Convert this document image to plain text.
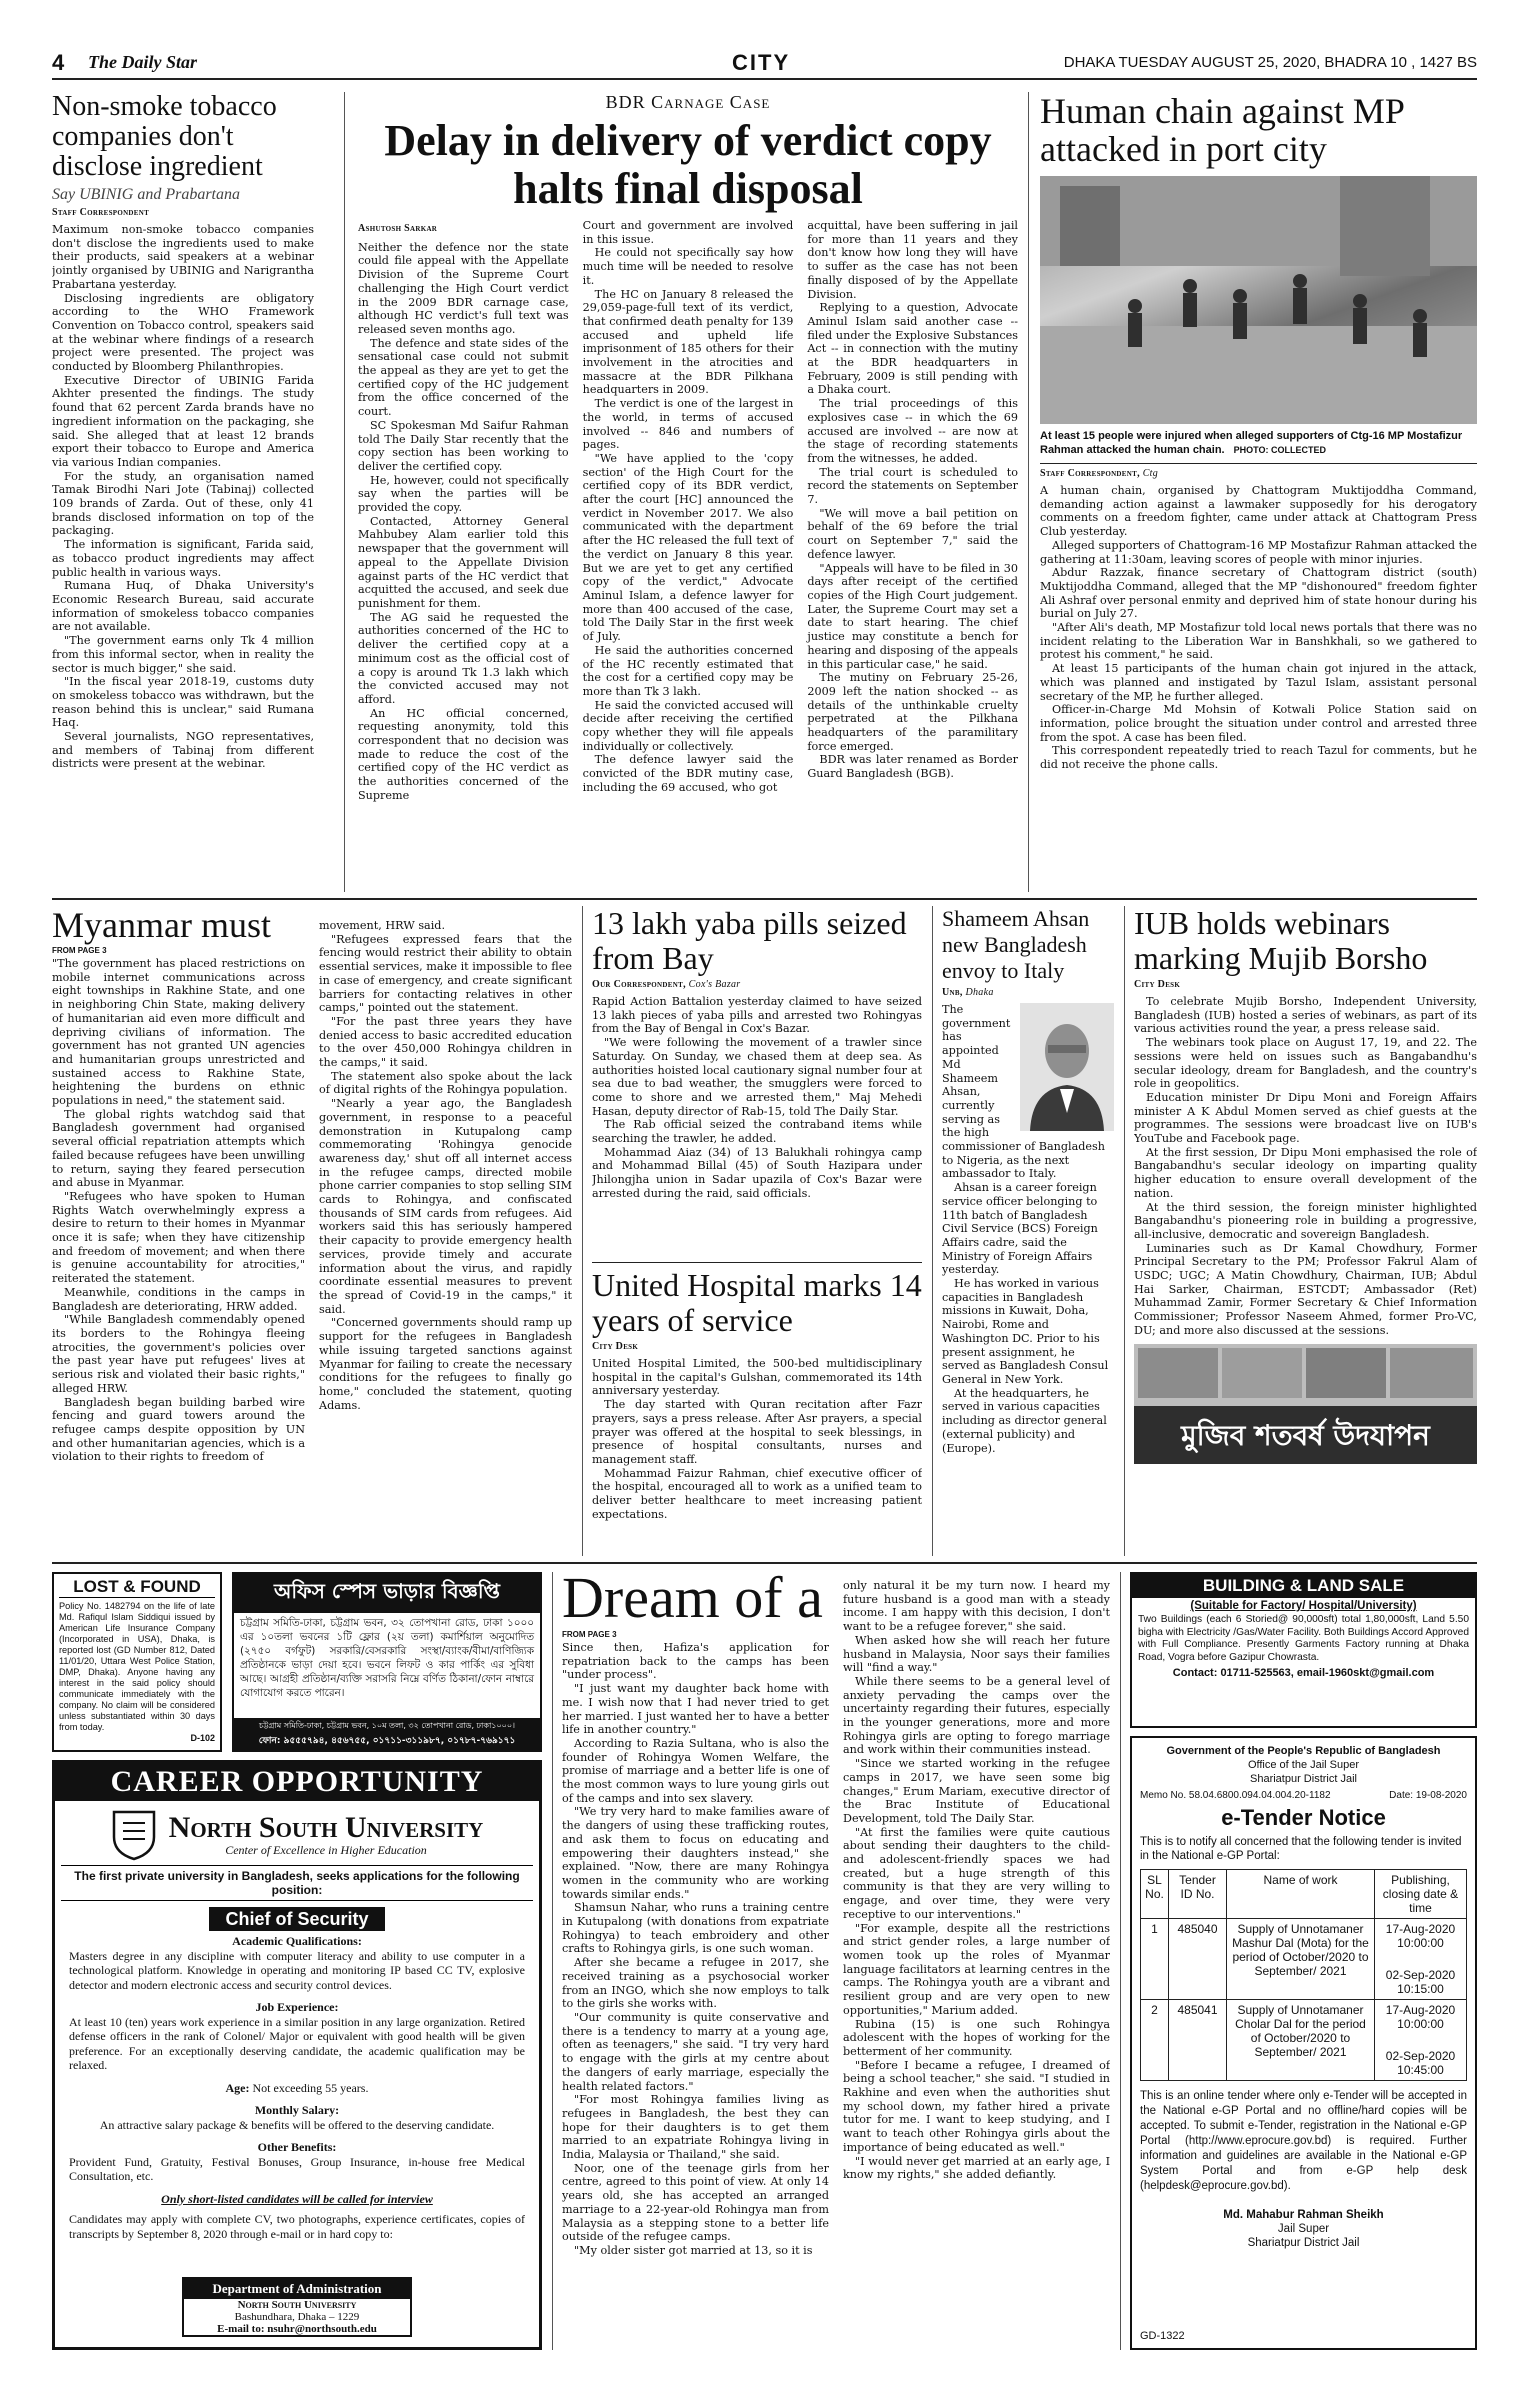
4 The Daily Star	CITY	DHAKA TUESDAY AUGUST 25, 2020, BHADRA 10 , 1427 BS
Non-smoke tobacco companies don't disclose ingredient
Say UBINIG and Prabartana
Staff Correspondent

Maximum non-smoke tobacco companies don't disclose the ingredients used to make their products, said speakers at a webinar jointly organised by UBINIG and Narigrantha Prabartana yesterday.

Disclosing ingredients are obligatory according to the WHO Framework Convention on Tobacco control, speakers said at the webinar where findings of a research project were presented. The project was conducted by Bloomberg Philanthropies.

Executive Director of UBINIG Farida Akhter presented the findings. The study found that 62 percent Zarda brands have no ingredient information on the packaging, she said. She alleged that at least 12 brands export their tobacco to Europe and America via various Indian companies.

For the study, an organisation named Tamak Birodhi Nari Jote (Tabinaj) collected 109 brands of Zarda. Out of these, only 41 brands disclosed information on top of the packaging.

The information is significant, Farida said, as tobacco product ingredients may affect public health in various ways.

Rumana Huq, of Dhaka University's Economic Research Bureau, said accurate information of smokeless tobacco companies are not available.

"The government earns only Tk 4 million from this informal sector, when in reality the sector is much bigger," she said.

"In the fiscal year 2018-19, customs duty on smokeless tobacco was withdrawn, but the reason behind this is unclear," said Rumana Haq.

Several journalists, NGO representatives, and members of Tabinaj from different districts were present at the webinar.

BDR Carnage Case
Delay in delivery of verdict copy halts final disposal
Ashutosh Sarkar

Neither the defence nor the state could file appeal with the Appellate Division of the Supreme Court challenging the High Court verdict in the 2009 BDR carnage case, although HC verdict's full text was released seven months ago.

The defence and state sides of the sensational case could not submit the appeal as they are yet to get the certified copy of the HC judgement from the office concerned of the court.

SC Spokesman Md Saifur Rahman told The Daily Star recently that the copy section has been working to deliver the certified copy.

He, however, could not specifically say when the parties will be provided the copy.

Contacted, Attorney General Mahbubey Alam earlier told this newspaper that the government will appeal to the Appellate Division against parts of the HC verdict that acquitted the accused, and seek due punishment for them.

The AG said he requested the authorities concerned of the HC to deliver the certified copy at a minimum cost as the official cost of a copy is around Tk 1.3 lakh which the convicted accused may not afford.

An HC official concerned, requesting anonymity, told this correspondent that no decision was made to reduce the cost of the certified copy of the HC verdict as the authorities concerned of the Supreme

Court and government are involved in this issue.

He could not specifically say how much time will be needed to resolve it.

The HC on January 8 released the 29,059-page-full text of its verdict, that confirmed death penalty for 139 accused and upheld life imprisonment of 185 others for their involvement in the atrocities and massacre at the BDR Pilkhana headquarters in 2009.

The verdict is one of the largest in the world, in terms of accused involved -- 846 and numbers of pages.

"We have applied to the 'copy section' of the High Court for the certified copy of its BDR verdict, after the court [HC] announced the verdict in November 2017. We also communicated with the department after the HC released the full text of the verdict on January 8 this year. But we are yet to get any certified copy of the verdict," Advocate Aminul Islam, a defence lawyer for more than 400 accused of the case, told The Daily Star in the first week of July.

He said the authorities concerned of the HC recently estimated that the cost for a certified copy may be more than Tk 3 lakh.

He said the convicted accused will decide after receiving the certified copy whether they will file appeals individually or collectively.

The defence lawyer said the convicted of the BDR mutiny case, including the 69 accused, who got

acquittal, have been suffering in jail for more than 11 years and they don't know how long they will have to suffer as the case has not been finally disposed of by the Appellate Division.

Replying to a question, Advocate Aminul Islam said another case -- filed under the Explosive Substances Act -- in connection with the mutiny at the BDR headquarters in February, 2009 is still pending with a Dhaka court.

The trial proceedings of this explosives case -- in which the 69 accused are involved -- are now at the stage of recording statements from the witnesses, he added.

The trial court is scheduled to record the statements on September 7.

"We will move a bail petition on behalf of the 69 before the trial court on September 7," said the defence lawyer.

"Appeals will have to be filed in 30 days after receipt of the certified copies of the High Court judgement. Later, the Supreme Court may set a date to start hearing. The chief justice may constitute a bench for hearing and disposing of the appeals in this particular case," he said.

The mutiny on February 25-26, 2009 left the nation shocked -- as details of the unthinkable cruelty perpetrated at the Pilkhana headquarters of the paramilitary force emerged.

BDR was later renamed as Border Guard Bangladesh (BGB).

Human chain against MP attacked in port city
At least 15 people were injured when alleged supporters of Ctg-16 MP Mostafizur Rahman attacked the human chain. PHOTO: COLLECTED
Staff Correspondent, Ctg

A human chain, organised by Chattogram Muktijoddha Command, demanding action against a lawmaker supposedly for his derogatory comments on a freedom fighter, came under attack at Chattogram Press Club yesterday.

Alleged supporters of Chattogram-16 MP Mostafizur Rahman attacked the gathering at 11:30am, leaving scores of people with minor injuries.

Abdur Razzak, finance secretary of Chattogram district (south) Muktijoddha Command, alleged that the MP "dishonoured" freedom fighter Ali Ashraf over personal enmity and deprived him of state honour during his burial on July 27.

"After Ali's death, MP Mostafizur told local news portals that there was no incident relating to the Liberation War in Banshkhali, so we gathered to protest his comment," he said.

At least 15 participants of the human chain got injured in the attack, which was planned and instigated by Tazul Islam, assistant personal secretary of the MP, he further alleged.

Officer-in-Charge Md Mohsin of Kotwali Police Station said on information, police brought the situation under control and arrested three from the spot. A case has been filed.

This correspondent repeatedly tried to reach Tazul for comments, but he did not receive the phone calls.

Myanmar must
FROM PAGE 3

"The government has placed restrictions on mobile internet communications across eight townships in Rakhine State, and one in neighboring Chin State, making delivery of humanitarian aid even more difficult and depriving civilians of information. The government has not granted UN agencies and humanitarian groups unrestricted and sustained access to Rakhine State, heightening the burdens on ethnic populations in need," the statement said.

The global rights watchdog said that Bangladesh government had organised several official repatriation attempts which failed because refugees have been unwilling to return, saying they feared persecution and abuse in Myanmar.

"Refugees who have spoken to Human Rights Watch overwhelmingly express a desire to return to their homes in Myanmar once it is safe; when they have citizenship and freedom of movement; and when there is genuine accountability for atrocities," reiterated the statement.

Meanwhile, conditions in the camps in Bangladesh are deteriorating, HRW added.

"While Bangladesh commendably opened its borders to the Rohingya fleeing atrocities, the government's policies over the past year have put refugees' lives at serious risk and violated their basic rights," alleged HRW.

Bangladesh began building barbed wire fencing and guard towers around the refugee camps despite opposition by UN and other humanitarian agencies, which is a violation to their rights to freedom of

movement, HRW said.

"Refugees expressed fears that the fencing would restrict their ability to obtain essential services, make it impossible to flee in case of emergency, and create significant barriers for contacting relatives in other camps," pointed out the statement.

"For the past three years they have denied access to basic accredited education to the over 450,000 Rohingya children in the camps," it said.

The statement also spoke about the lack of digital rights of the Rohingya population.

"Nearly a year ago, the Bangladesh government, in response to a peaceful demonstration in Kutupalong camp commemorating 'Rohingya genocide awareness day,' shut off all internet access in the refugee camps, directed mobile phone carrier companies to stop selling SIM cards to Rohingya, and confiscated thousands of SIM cards from refugees. Aid workers said this has seriously hampered their capacity to provide emergency health services, provide timely and accurate information about the virus, and rapidly coordinate essential measures to prevent the spread of Covid-19 in the camps," it said.

"Concerned governments should ramp up support for the refugees in Bangladesh while issuing targeted sanctions against Myanmar for failing to create the necessary conditions for the refugees to finally go home," concluded the statement, quoting Adams.

13 lakh yaba pills seized from Bay
Our Correspondent, Cox's Bazar

Rapid Action Battalion yesterday claimed to have seized 13 lakh pieces of yaba pills and arrested two Rohingyas from the Bay of Bengal in Cox's Bazar.

"We were following the movement of a trawler since Saturday. On Sunday, we chased them at deep sea. As authorities hoisted local cautionary signal number four at sea due to bad weather, the smugglers were forced to come to shore and we arrested them," Maj Mehedi Hasan, deputy director of Rab-15, told The Daily Star.

The Rab official seized the contraband items while searching the trawler, he added.

Mohammad Aiaz (34) of 13 Balukhali rohingya camp and Mohammad Billal (45) of South Hazipara under Jhilongjha union in Sadar upazila of Cox's Bazar were arrested during the raid, said officials.

United Hospital marks 14 years of service
City Desk

United Hospital Limited, the 500-bed multidisciplinary hospital in the capital's Gulshan, commemorated its 14th anniversary yesterday.

The day started with Quran recitation after Fazr prayers, says a press release. After Asr prayers, a special prayer was offered at the hospital to seek blessings, in presence of hospital consultants, nurses and management staff.

Mohammad Faizur Rahman, chief executive officer of the hospital, encouraged all to work as a unified team to deliver better healthcare to meet increasing patient expectations.

Shameem Ahsan new Bangladesh envoy to Italy
Unb, Dhaka

The government has appointed Md Shameem Ahsan, currently serving as

the high commissioner of Bangladesh to Nigeria, as the next ambassador to Italy.

Ahsan is a career foreign service officer belonging to 11th batch of Bangladesh Civil Service (BCS) Foreign Affairs cadre, said the Ministry of Foreign Affairs yesterday.

He has worked in various capacities in Bangladesh missions in Kuwait, Doha, Nairobi, Rome and Washington DC. Prior to his present assignment, he served as Bangladesh Consul General in New York.

At the headquarters, he served in various capacities including as director general (external publicity) and (Europe).

IUB holds webinars marking Mujib Borsho
City Desk

To celebrate Mujib Borsho, Independent University, Bangladesh (IUB) hosted a series of webinars, as part of its various activities round the year, a press release said.

The webinars took place on August 17, 19, and 22. The sessions were held on issues such as Bangabandhu's secular ideology, dream for Bangladesh, and the country's role in geopolitics.

Education minister Dr Dipu Moni and Foreign Affairs minister A K Abdul Momen served as chief guests at the programmes. The sessions were broadcast live on IUB's YouTube and Facebook page.

At the first session, Dr Dipu Moni emphasised the role of Bangabandhu's secular ideology on imparting quality higher education to ensure overall development of the nation.

At the third session, the foreign minister highlighted Bangabandhu's pioneering role in building a progressive, all-inclusive, democratic and sovereign Bangladesh.

Luminaries such as Dr Kamal Chowdhury, Former Principal Secretary to the PM; Professor Fakrul Alam of USDC; UGC; A Matin Chowdhury, Chairman, IUB; Abdul Hai Sarker, Chairman, ESTCDT; Ambassador (Ret) Muhammad Zamir, Former Secretary & Chief Information Commissioner; Professor Naseem Ahmed, former Pro-VC, DU; and more also discussed at the sessions.

মুজিব শতবর্ষ উদযাপন
LOST & FOUND
Policy No. 1482794 on the life of late Md. Rafiqul Islam Siddiqui issued by American Life Insurance Company (Incorporated in USA), Dhaka, is reported lost (GD Number 812, Dated 11/01/20, Uttara West Police Station, DMP, Dhaka). Anyone having any interest in the said policy should communicate immediately with the company. No claim will be considered unless substantiated within 30 days from today.
D-102
অফিস স্পেস ভাড়ার বিজ্ঞপ্তি
চট্টগ্রাম সমিতি-ঢাকা, চট্টগ্রাম ভবন, ৩২ তোপখানা রোড, ঢাকা ১০০০ এর ১০তলা ভবনের ১টি ফ্লোর (২য় তলা) কমার্শিয়াল অনুমোদিত (২৭৫০ বর্গফুট) সরকারি/বেসরকারি সংস্থা/ব্যাংক/বীমা/বাণিজ্যিক প্রতিষ্ঠানকে ভাড়া দেয়া হবে। ভবনে লিফট ও কার পার্কিং এর সুবিধা আছে। আগ্রহী প্রতিষ্ঠান/ব্যক্তি সরাসরি নিম্নে বর্ণিত ঠিকানা/ফোন নাম্বারে যোগাযোগ করতে পারেন।
চট্টগ্রাম সমিতি-ঢাকা, চট্টগ্রাম ভবন, ১০ম তলা, ৩২ তোপখানা রোড, ঢাকা১০০০।
ফোন: ৯৫৫৫৭৯৪, ৪৫৬৭৫৫, ০১৭১১-৩১১৯৮৭, ০১৭৮৭-৭৬৯১৭১
CAREER OPPORTUNITY
North South University
Center of Excellence in Higher Education
The first private university in Bangladesh, seeks applications for the following position:
Chief of Security
Academic Qualifications:
Masters degree in any discipline with computer literacy and ability to use computer in a technological platform. Knowledge in operating and monitoring IP based CC TV, explosive detector and modern electronic access and security control devices.
Job Experience:
At least 10 (ten) years work experience in a similar position in any large organization. Retired defense officers in the rank of Colonel/ Major or equivalent with good health will be given preference. For an exceptionally deserving candidate, the academic qualification may be relaxed.
Age: Not exceeding 55 years.
Monthly Salary:
An attractive salary package & benefits will be offered to the deserving candidate.
Other Benefits:
Provident Fund, Gratuity, Festival Bonuses, Group Insurance, in-house free Medical Consultation, etc.
Only short-listed candidates will be called for interview
Candidates may apply with complete CV, two photographs, experience certificates, copies of transcripts by September 8, 2020 through e-mail or in hard copy to:
Department of Administration
North South University
Bashundhara, Dhaka – 1229
E-mail to: nsuhr@northsouth.edu
Dream of a
FROM PAGE 3

Since then, Hafiza's application for repatriation back to the camps has been "under process".

"I just want my daughter back home with me. I wish now that I had never tried to get her married. I just wanted her to have a better life in another country."

According to Razia Sultana, who is also the founder of Rohingya Women Welfare, the promise of marriage and a better life is one of the most common ways to lure young girls out of the camps and into sex slavery.

"We try very hard to make families aware of the dangers of using these trafficking routes, and ask them to focus on educating and empowering their daughters instead," she explained. "Now, there are many Rohingya women in the community who are working towards similar ends."

Shamsun Nahar, who runs a training centre in Kutupalong (with donations from expatriate Rohingya) to teach embroidery and other crafts to Rohingya girls, is one such woman.

After she became a refugee in 2017, she received training as a psychosocial worker from an INGO, which she now employs to talk to the girls she works with.

"Our community is quite conservative and there is a tendency to marry at a young age, often as teenagers," she said. "I try very hard to engage with the girls at my centre about the dangers of early marriage, especially the health related factors."

"For most Rohingya families living as refugees in Bangladesh, the best they can hope for their daughters is to get them married to an expatriate Rohingya living in India, Malaysia or Thailand," she said.

Noor, one of the teenage girls from her centre, agreed to this point of view. At only 14 years old, she has accepted an arranged marriage to a 22-year-old Rohingya man from Malaysia as a stepping stone to a better life outside of the refugee camps.

"My older sister got married at 13, so it is

only natural it be my turn now. I heard my future husband is a good man with a steady income. I am happy with this decision, I don't want to be a refugee forever," she said.

When asked how she will reach her future husband in Malaysia, Noor says their families will "find a way."

While there seems to be a general level of anxiety pervading the camps over the uncertainty regarding their futures, especially in the younger generations, more and more Rohingya girls are opting to forego marriage and work within their communities instead.

"Since we started working in the refugee camps in 2017, we have seen some big changes," Erum Mariam, executive director of the Brac Institute of Educational Development, told The Daily Star.

"At first the families were quite cautious about sending their daughters to the child- and adolescent-friendly spaces we had created, but a huge strength of this community is that they are very willing to engage, and over time, they were very receptive to our interventions."

"For example, despite all the restrictions and strict gender roles, a large number of women took up the roles of Myanmar language facilitators at learning centres in the camps. The Rohingya youth are a vibrant and resilient group and are very open to new opportunities," Marium added.

Rubina (15) is one such Rohingya adolescent with the hopes of working for the betterment of her community.

"Before I became a refugee, I dreamed of being a school teacher," she said. "I studied in Rakhine and even when the authorities shut my school down, my father hired a private tutor for me. I want to keep studying, and I want to teach other Rohingya girls about the importance of being educated as well."

"I would never get married at an early age, I know my rights," she added defiantly.

BUILDING & LAND SALE
(Suitable for Factory/ Hospital/University)
Two Buildings (each 6 Storied@ 90,000sft) total 1,80,000sft, Land 5.50 bigha with Electricity /Gas/Water Facility. Both Buildings Accord Approved with Full Compliance. Presently Garments Factory running at Dhaka Road, Vogra before Gazipur Chowrasta.
Contact: 01711-525563, email-1960skt@gmail.com
Government of the People's Republic of Bangladesh
Office of the Jail Super
Shariatpur District Jail
Memo No. 58.04.6800.094.04.004.20-1182	Date: 19-08-2020
e-Tender Notice
This is to notify all concerned that the following tender is invited in the National e-GP Portal:
SL No.	Tender ID No.	Name of work	Publishing, closing date & time
1	485040	Supply of Unnotamaner Mashur Dal (Mota) for the period of October/2020 to September/ 2021	17-Aug-2020 10:00:00
02-Sep-2020 10:15:00

2	485041	Supply of Unnotamaner Cholar Dal for the period of October/2020 to September/ 2021	17-Aug-2020 10:00:00
02-Sep-2020 10:45:00
This is an online tender where only e-Tender will be accepted in the National e-GP Portal and no offline/hard copies will be accepted. To submit e-Tender, registration in the National e-GP Portal (http://www.eprocure.gov.bd) is required. Further information and guidelines are available in the National e-GP System Portal and from e-GP help desk (helpdesk@eprocure.gov.bd).
Md. Mahabur Rahman Sheikh
Jail Super
Shariatpur District Jail
GD-1322
